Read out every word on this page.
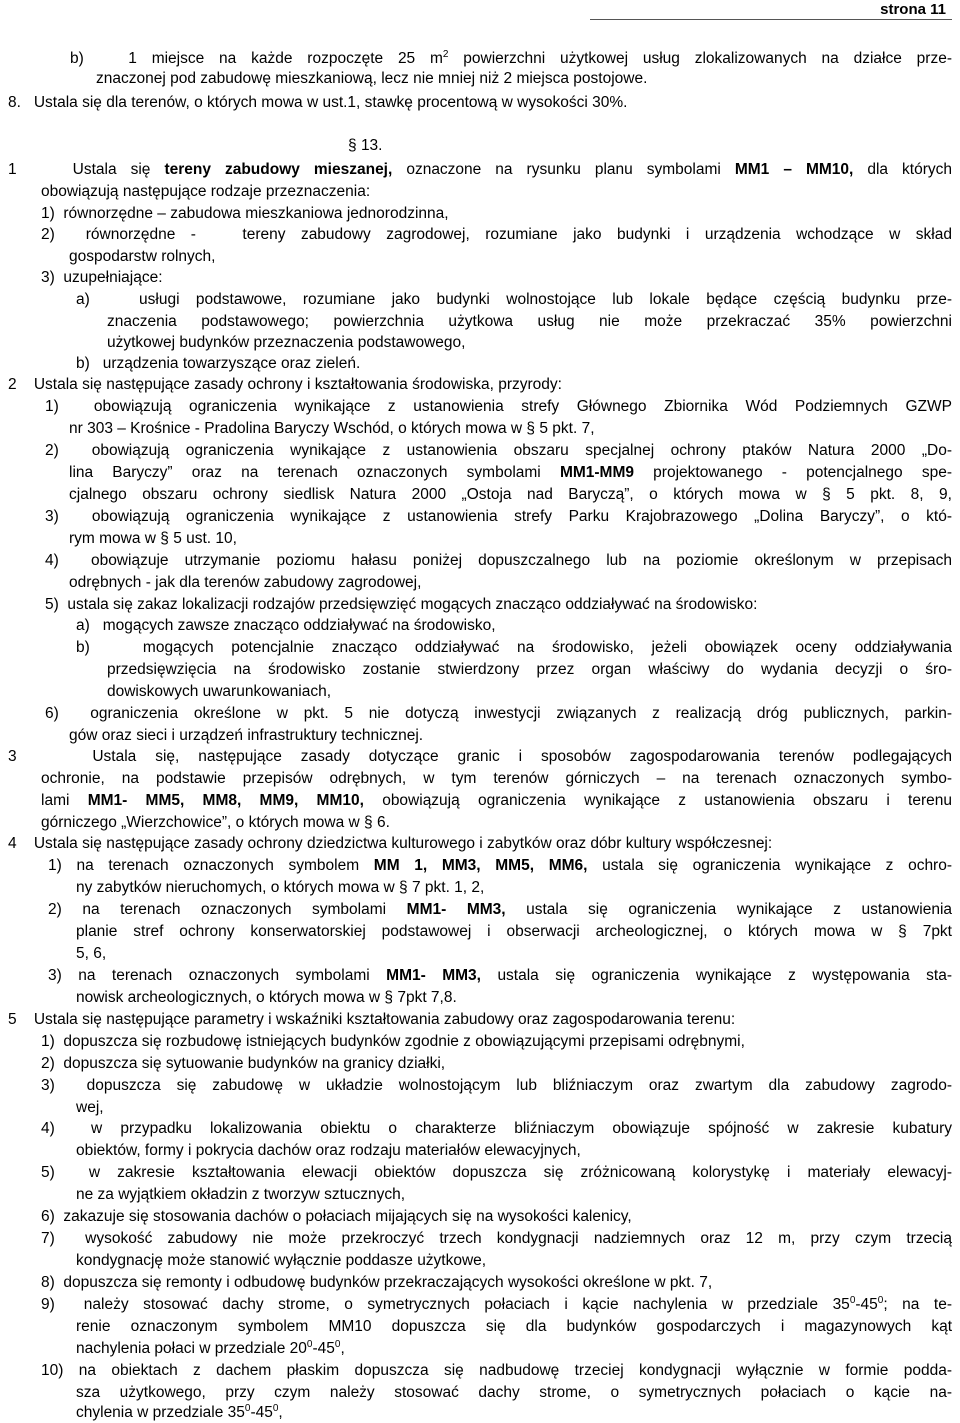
strona 11
§ 13.
b)   1 miejsce na każde rozpoczęte 25 $m^2$ powierzchni użytkowej usług zlokalizowanych na działce prze-
znaczonej pod zabudowę mieszkaniową, lecz nie mniej niż 2 miejsca postojowe.
8.   Ustala się dla terenów, o których mowa w ust.1, stawkę procentową w wysokości 30%.
1    Ustala się tereny zabudowy mieszanej, oznaczone na rysunku planu symbolami MM1 – MM10, dla których
obowiązują następujące rodzaje przeznaczenia:
1)  równorzędne – zabudowa mieszkaniowa jednorodzinna,
2)  równorzędne -   tereny zabudowy zagrodowej, rozumiane jako budynki i urządzenia wchodzące w skład
gospodarstw rolnych,
3)  uzupełniające:
a)   usługi podstawowe, rozumiane jako budynki wolnostojące lub lokale będące częścią budynku prze-
znaczenia podstawowego; powierzchnia użytkowa usług nie może przekraczać 35% powierzchni
użytkowej budynków przeznaczenia podstawowego,
b)   urządzenia towarzyszące oraz zieleń.
2    Ustala się następujące zasady ochrony i kształtowania środowiska, przyrody:
1)  obowiązują ograniczenia wynikające z ustanowienia strefy Głównego Zbiornika Wód Podziemnych GZWP
nr 303 – Krośnice - Pradolina Baryczy Wschód, o których mowa w § 5 pkt. 7,
2)  obowiązują ograniczenia wynikające z ustanowienia obszaru specjalnej ochrony ptaków Natura 2000 „Do-
lina Baryczy” oraz na terenach oznaczonych symbolami MM1-MM9 projektowanego - potencjalnego spe-
cjalnego obszaru ochrony siedlisk Natura 2000 „Ostoja nad Baryczą”, o których mowa w § 5 pkt. 8, 9,
3)  obowiązują ograniczenia wynikające z ustanowienia strefy Parku Krajobrazowego „Dolina Baryczy”, o któ-
rym mowa w § 5 ust. 10,
4)  obowiązuje utrzymanie poziomu hałasu poniżej dopuszczalnego lub na poziomie określonym w przepisach
odrębnych - jak dla terenów zabudowy zagrodowej,
5)  ustala się zakaz lokalizacji rodzajów przedsięwzięć mogących znacząco oddziaływać na środowisko:
a)   mogących zawsze znacząco oddziaływać na środowisko,
b)   mogących potencjalnie znacząco oddziaływać na środowisko, jeżeli obowiązek oceny oddziaływania
przedsięwzięcia na środowisko zostanie stwierdzony przez organ właściwy do wydania decyzji o śro-
dowiskowych uwarunkowaniach,
6)  ograniczenia określone w pkt. 5 nie dotyczą inwestycji związanych z realizacją dróg publicznych, parkin-
gów oraz sieci i urządzeń infrastruktury technicznej.
3    Ustala się, następujące zasady dotyczące granic i sposobów zagospodarowania terenów podlegających
ochronie, na podstawie przepisów odrębnych, w tym terenów górniczych – na terenach oznaczonych symbo-
lami MM1- MM5, MM8, MM9, MM10, obowiązują ograniczenia wynikające z ustanowienia obszaru i terenu
górniczego „Wierzchowice”, o których mowa w § 6.
4    Ustala się następujące zasady ochrony dziedzictwa kulturowego i zabytków oraz dóbr kultury współczesnej:
1) na terenach oznaczonych symbolem MM 1, MM3, MM5, MM6, ustala się ograniczenia wynikające z ochro-
ny zabytków nieruchomych, o których mowa w § 7 pkt. 1, 2,
2) na terenach oznaczonych symbolami MM1- MM3, ustala się ograniczenia wynikające z ustanowienia
planie stref ochrony konserwatorskiej podstawowej i obserwacji archeologicznej, o których mowa w § 7pkt
5, 6,
3) na terenach oznaczonych symbolami MM1- MM3, ustala się ograniczenia wynikające z występowania sta-
nowisk archeologicznych, o których mowa w § 7pkt 7,8.
5    Ustala się następujące parametry i wskaźniki kształtowania zabudowy oraz zagospodarowania terenu:
1)  dopuszcza się rozbudowę istniejących budynków zgodnie z obowiązującymi przepisami odrębnymi,
2)  dopuszcza się sytuowanie budynków na granicy działki,
3)  dopuszcza się zabudowę w układzie wolnostojącym lub bliźniaczym oraz zwartym dla zabudowy zagrodo-
wej,
4)  w przypadku lokalizowania obiektu o charakterze bliźniaczym obowiązuje spójność w zakresie kubatury
obiektów, formy i pokrycia dachów oraz rodzaju materiałów elewacyjnych,
5)  w zakresie kształtowania elewacji obiektów dopuszcza się zróżnicowaną kolorystykę i materiały elewacyj-
ne za wyjątkiem okładzin z tworzyw sztucznych,
6)  zakazuje się stosowania dachów o połaciach mijających się na wysokości kalenicy,
7)  wysokość zabudowy nie może przekroczyć trzech kondygnacji nadziemnych oraz 12 m, przy czym trzecią
kondygnację może stanowić wyłącznie poddasze użytkowe,
8)  dopuszcza się remonty i odbudowę budynków przekraczających wysokości określone w pkt. 7,
9)  należy stosować dachy strome, o symetrycznych połaciach i kącie nachylenia w przedziale $35^0-45^0$; na te-
renie oznaczonym symbolem MM10 dopuszcza się dla budynków gospodarczych i magazynowych kąt
nachylenia połaci w przedziale $20^0-45^0$,
10) na obiektach z dachem płaskim dopuszcza się nadbudowę trzeciej kondygnacji wyłącznie w formie podda-
sza użytkowego, przy czym należy stosować dachy strome, o symetrycznych połaciach o kącie na-
chylenia w przedziale $35^0-45^0$,
